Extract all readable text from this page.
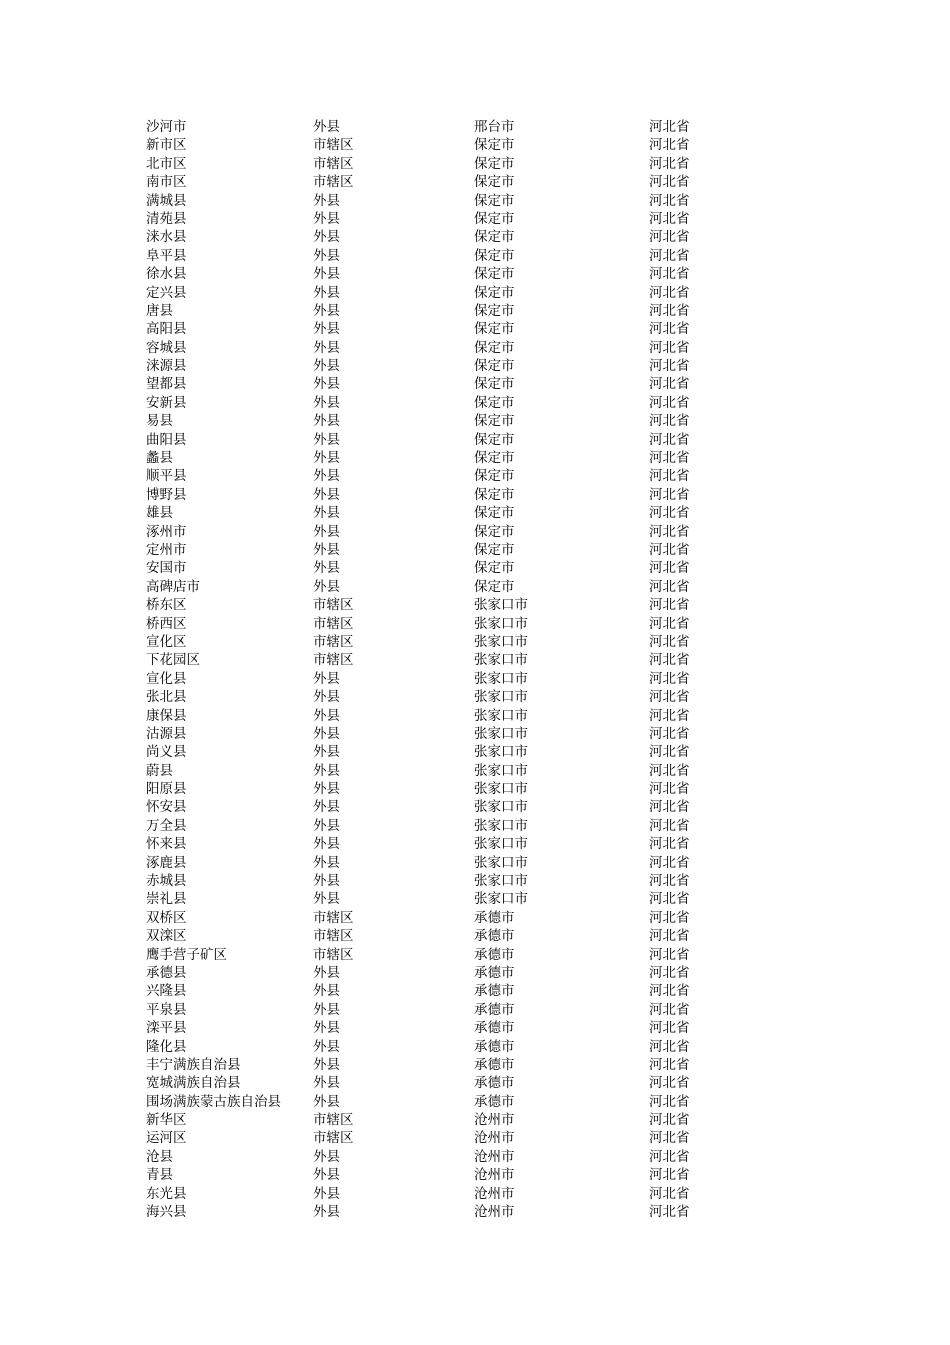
沙河市	外县	邢台市	河北省
新市区	市辖区	保定市	河北省
北市区	市辖区	保定市	河北省
南市区	市辖区	保定市	河北省
满城县	外县	保定市	河北省
清苑县	外县	保定市	河北省
涞水县	外县	保定市	河北省
阜平县	外县	保定市	河北省
徐水县	外县	保定市	河北省
定兴县	外县	保定市	河北省
唐县	外县	保定市	河北省
高阳县	外县	保定市	河北省
容城县	外县	保定市	河北省
涞源县	外县	保定市	河北省
望都县	外县	保定市	河北省
安新县	外县	保定市	河北省
易县	外县	保定市	河北省
曲阳县	外县	保定市	河北省
蠡县	外县	保定市	河北省
顺平县	外县	保定市	河北省
博野县	外县	保定市	河北省
雄县	外县	保定市	河北省
涿州市	外县	保定市	河北省
定州市	外县	保定市	河北省
安国市	外县	保定市	河北省
高碑店市	外县	保定市	河北省
桥东区	市辖区	张家口市	河北省
桥西区	市辖区	张家口市	河北省
宣化区	市辖区	张家口市	河北省
下花园区	市辖区	张家口市	河北省
宣化县	外县	张家口市	河北省
张北县	外县	张家口市	河北省
康保县	外县	张家口市	河北省
沽源县	外县	张家口市	河北省
尚义县	外县	张家口市	河北省
蔚县	外县	张家口市	河北省
阳原县	外县	张家口市	河北省
怀安县	外县	张家口市	河北省
万全县	外县	张家口市	河北省
怀来县	外县	张家口市	河北省
涿鹿县	外县	张家口市	河北省
赤城县	外县	张家口市	河北省
崇礼县	外县	张家口市	河北省
双桥区	市辖区	承德市	河北省
双滦区	市辖区	承德市	河北省
鹰手营子矿区	市辖区	承德市	河北省
承德县	外县	承德市	河北省
兴隆县	外县	承德市	河北省
平泉县	外县	承德市	河北省
滦平县	外县	承德市	河北省
隆化县	外县	承德市	河北省
丰宁满族自治县	外县	承德市	河北省
宽城满族自治县	外县	承德市	河北省
围场满族蒙古族自治县 外县	承德市	河北省
新华区	市辖区	沧州市	河北省
运河区	市辖区	沧州市	河北省
沧县	外县	沧州市	河北省
青县	外县	沧州市	河北省
东光县	外县	沧州市	河北省
海兴县	外县	沧州市	河北省
